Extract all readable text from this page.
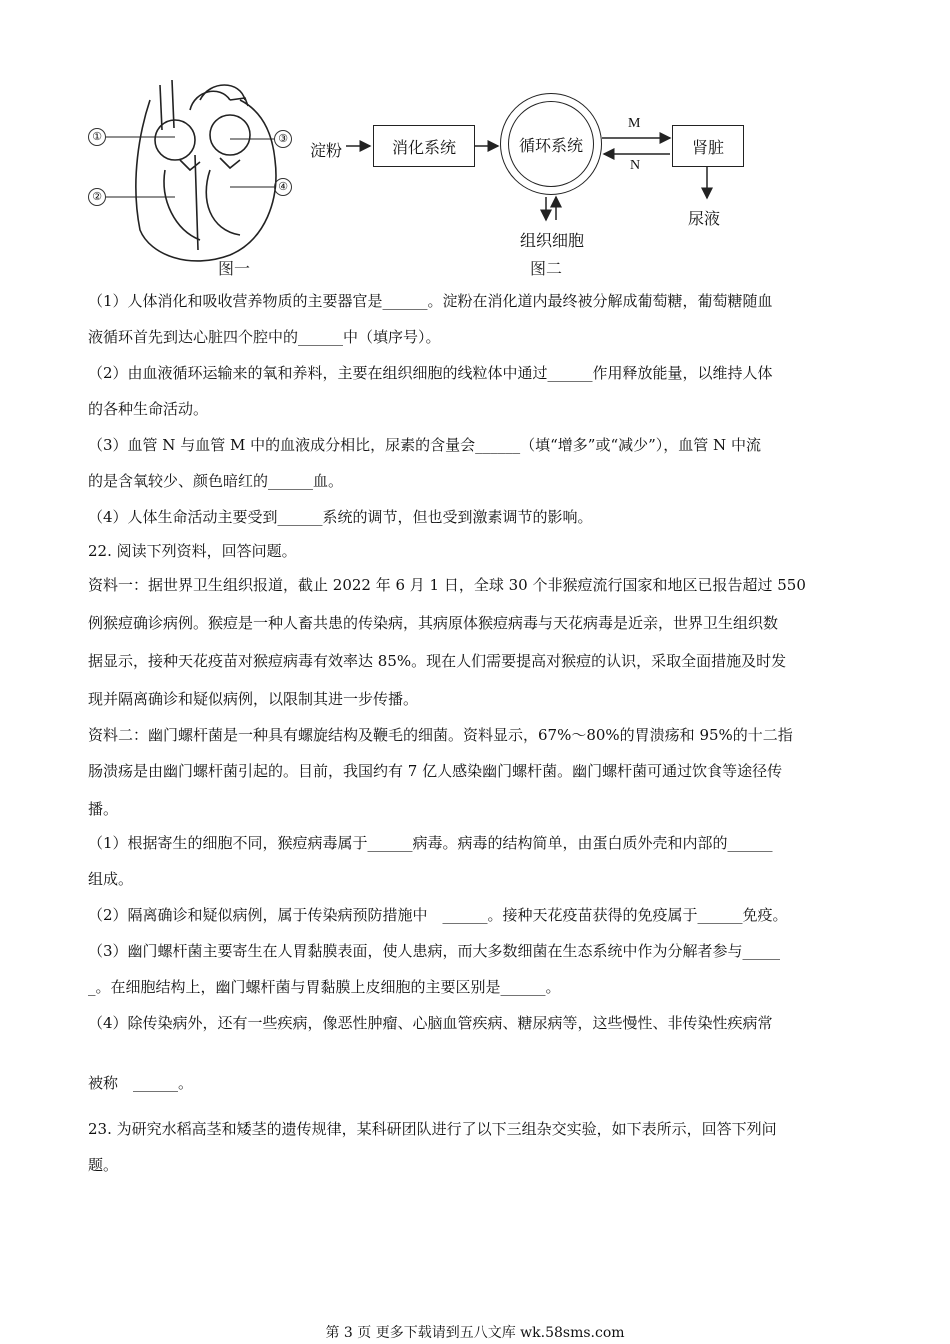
①
②
③
④
图一
淀粉	消化系统	循环系统	肾脏
M
N
尿液
组织细胞
图二
（1）人体消化和吸收营养物质的主要器官是______。淀粉在消化道内最终被分解成葡萄糖，葡萄糖随血
液循环首先到达心脏四个腔中的______中（填序号）。
（2）由血液循环运输来的氧和养料，主要在组织细胞的线粒体中通过______作用释放能量，以维持人体
的各种生命活动。
（3）血管 N 与血管 M 中的血液成分相比，尿素的含量会______（填“增多”或“减少”），血管 N 中流
的是含氧较少、颜色暗红的______血。
（4）人体生命活动主要受到______系统的调节，但也受到激素调节的影响。
22. 阅读下列资料，回答问题。
资料一：据世界卫生组织报道，截止 2022 年 6 月 1 日，全球 30 个非猴痘流行国家和地区已报告超过 550
例猴痘确诊病例。猴痘是一种人畜共患的传染病，其病原体猴痘病毒与天花病毒是近亲，世界卫生组织数
据显示，接种天花疫苗对猴痘病毒有效率达 85%。现在人们需要提高对猴痘的认识，采取全面措施及时发
现并隔离确诊和疑似病例，以限制其进一步传播。
资料二：幽门螺杆菌是一种具有螺旋结构及鞭毛的细菌。资料显示，67%～80%的胃溃疡和 95%的十二指
肠溃疡是由幽门螺杆菌引起的。目前，我国约有 7 亿人感染幽门螺杆菌。幽门螺杆菌可通过饮食等途径传
播。
（1）根据寄生的细胞不同，猴痘病毒属于______病毒。病毒的结构简单，由蛋白质外壳和内部的______
组成。
（2）隔离确诊和疑似病例，属于传染病预防措施中　______。接种天花疫苗获得的免疫属于______免疫。
（3）幽门螺杆菌主要寄生在人胃黏膜表面，使人患病，而大多数细菌在生态系统中作为分解者参与_____
_。在细胞结构上，幽门螺杆菌与胃黏膜上皮细胞的主要区别是______。
（4）除传染病外，还有一些疾病，像恶性肿瘤、心脑血管疾病、糖尿病等，这些慢性、非传染性疾病常
被称　______。
23. 为研究水稻高茎和矮茎的遗传规律，某科研团队进行了以下三组杂交实验，如下表所示，回答下列问
题。
第 3 页 更多下载请到五八文库 wk.58sms.com
